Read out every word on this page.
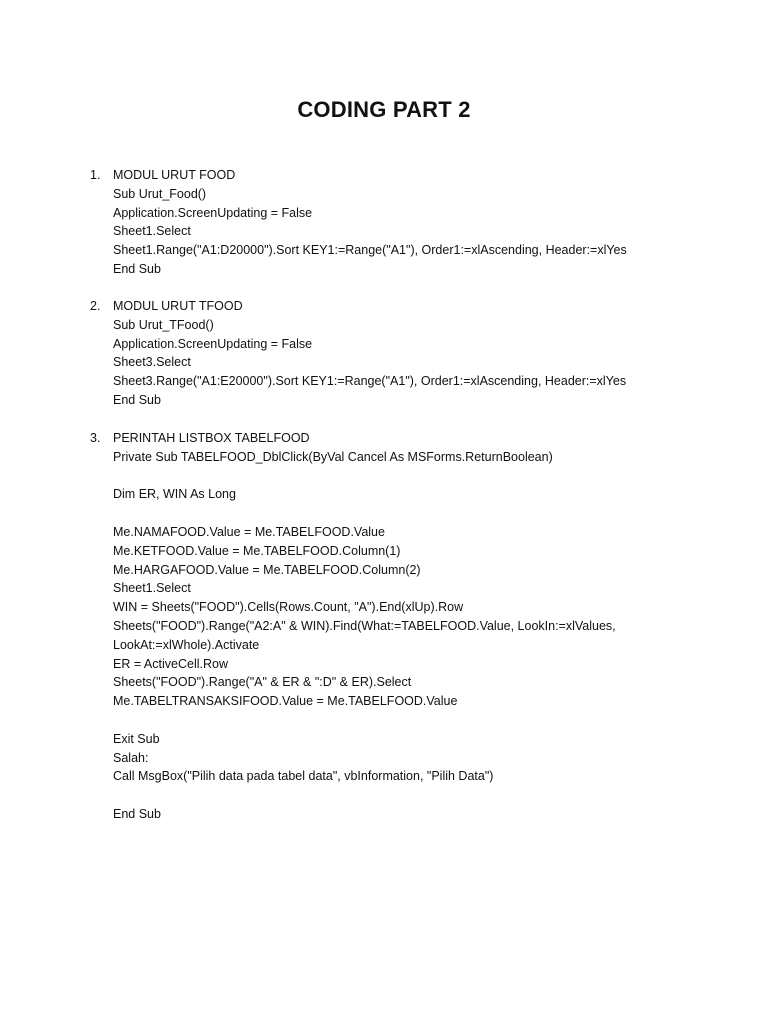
CODING PART 2
1.	MODUL URUT FOOD
Sub Urut_Food()
Application.ScreenUpdating = False
Sheet1.Select
Sheet1.Range("A1:D20000").Sort KEY1:=Range("A1"), Order1:=xlAscending, Header:=xlYes
End Sub
2.	MODUL URUT TFOOD
Sub Urut_TFood()
Application.ScreenUpdating = False
Sheet3.Select
Sheet3.Range("A1:E20000").Sort KEY1:=Range("A1"), Order1:=xlAscending, Header:=xlYes
End Sub
3.	PERINTAH LISTBOX TABELFOOD
Private Sub TABELFOOD_DblClick(ByVal Cancel As MSForms.ReturnBoolean)
Dim ER, WIN As Long
Me.NAMAFOOD.Value = Me.TABELFOOD.Value
Me.KETFOOD.Value = Me.TABELFOOD.Column(1)
Me.HARGAFOOD.Value = Me.TABELFOOD.Column(2)
Sheet1.Select
WIN = Sheets("FOOD").Cells(Rows.Count, "A").End(xlUp).Row
Sheets("FOOD").Range("A2:A" & WIN).Find(What:=TABELFOOD.Value, LookIn:=xlValues,
LookAt:=xlWhole).Activate
ER = ActiveCell.Row
Sheets("FOOD").Range("A" & ER & ":D" & ER).Select
Me.TABELTRANSAKSIFOOD.Value = Me.TABELFOOD.Value
Exit Sub
Salah:
Call MsgBox("Pilih data pada tabel data", vbInformation, "Pilih Data")
End Sub
